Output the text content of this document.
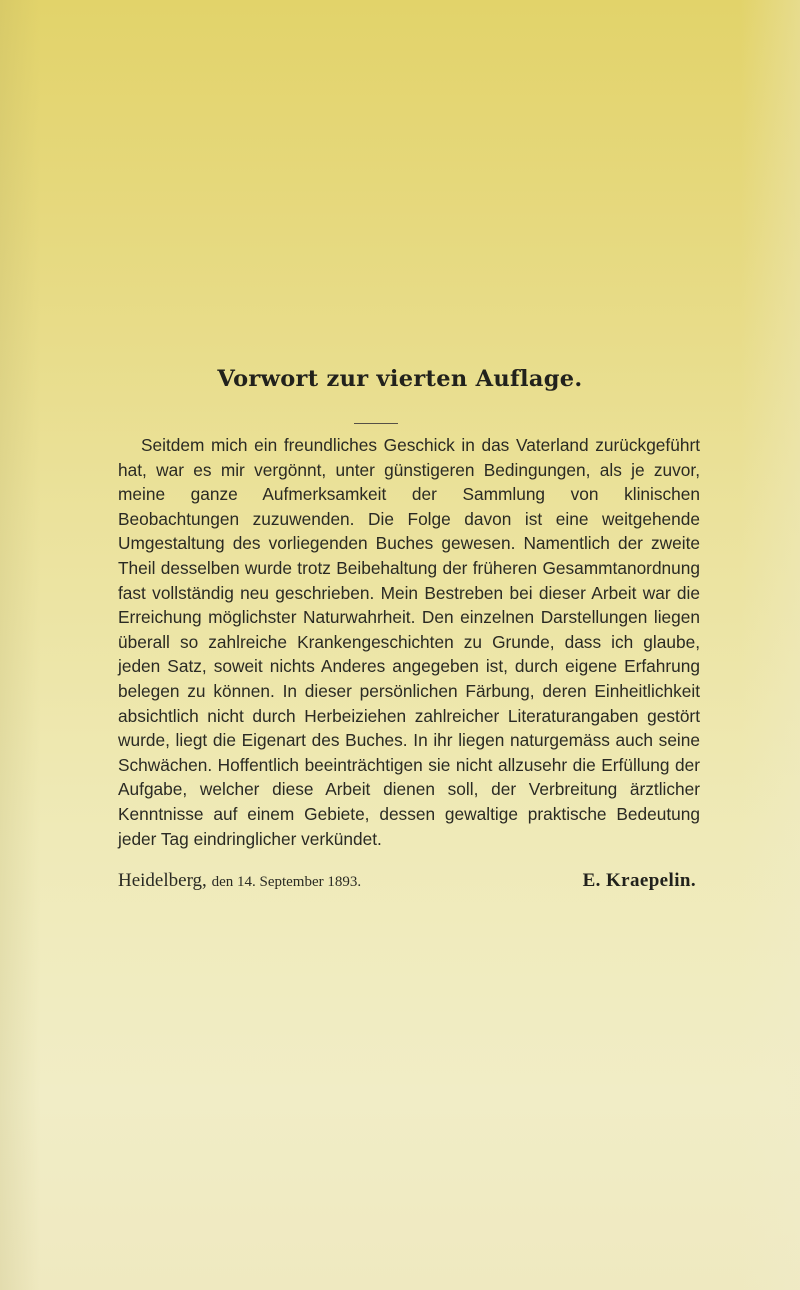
Vorwort zur vierten Auflage.

Seitdem mich ein freundliches Geschick in das Vaterland zurückgeführt hat, war es mir vergönnt, unter günstigeren Bedingungen, als je zuvor, meine ganze Aufmerksamkeit der Sammlung von klinischen Beobachtungen zuzuwenden. Die Folge davon ist eine weitgehende Umgestaltung des vorliegenden Buches gewesen. Namentlich der zweite Theil desselben wurde trotz Beibehaltung der früheren Gesammtanordnung fast vollständig neu geschrieben. Mein Bestreben bei dieser Arbeit war die Erreichung möglichster Naturwahrheit. Den einzelnen Darstellungen liegen überall so zahlreiche Krankengeschichten zu Grunde, dass ich glaube, jeden Satz, soweit nichts Anderes angegeben ist, durch eigene Erfahrung belegen zu können. In dieser persönlichen Färbung, deren Einheitlichkeit absichtlich nicht durch Herbeiziehen zahlreicher Literaturangaben gestört wurde, liegt die Eigenart des Buches. In ihr liegen naturgemäss auch seine Schwächen. Hoffentlich beeinträchtigen sie nicht allzusehr die Erfüllung der Aufgabe, welcher diese Arbeit dienen soll, der Verbreitung ärztlicher Kenntnisse auf einem Gebiete, dessen gewaltige praktische Bedeutung jeder Tag eindringlicher verkündet.

Heidelberg, den 14. September 1893.	E. Kraepelin.
